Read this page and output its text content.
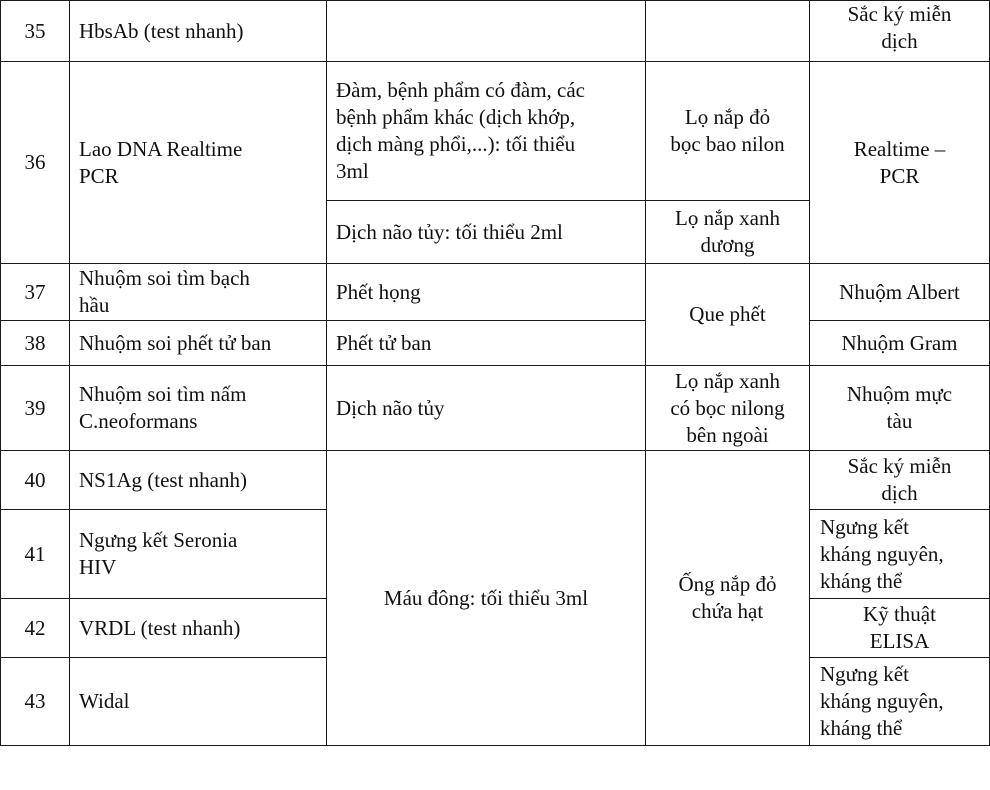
35	HbsAb (test nhanh)			Sắc ký miễn
dịch

36	Lao DNA Realtime
PCR	Đàm, bệnh phẩm có đàm, các
bệnh phẩm khác (dịch khớp,
dịch màng phổi,...): tối thiểu
3ml	Lọ nắp đỏ
bọc bao nilon	Realtime –
PCR

		Dịch não tủy: tối thiểu 2ml	Lọ nắp xanh
dương	

37	Nhuộm soi tìm bạch
hầu	Phết họng	Que phết	Nhuộm Albert
38	Nhuộm soi phết tử ban	Phết tử ban		Nhuộm Gram
39	Nhuộm soi tìm nấm
C.neoformans	Dịch não tủy	Lọ nắp xanh
có bọc nilong
bên ngoài	Nhuộm mực
tàu

40	NS1Ag (test nhanh)	Máu đông: tối thiểu 3ml	Ống nắp đỏ
chứa hạt	Sắc ký miễn
dịch

41	Ngưng kết Seronia
HIV			Ngưng kết
kháng nguyên,
kháng thể

42	VRDL (test nhanh)			Kỹ thuật
ELISA

43	Widal			Ngưng kết
kháng nguyên,
kháng thể
